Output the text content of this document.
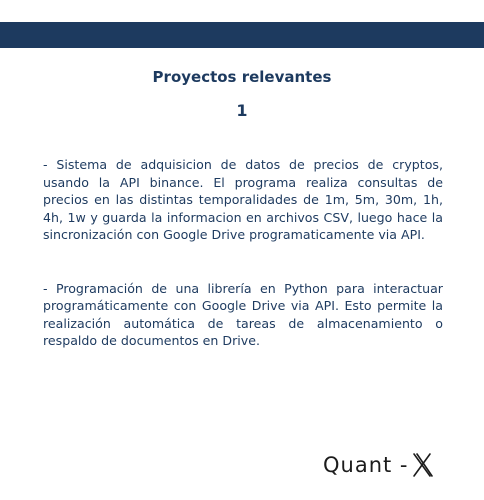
Proyectos relevantes
1

- Sistema de adquisicion de datos de precios de cryptos, usando la API binance. El programa realiza consultas de precios en las distintas temporalidades de 1m, 5m, 30m, 1h, 4h, 1w y guarda la informacion en archivos CSV, luego hace la sincronización con Google Drive programaticamente via API.

- Programación de una librería en Python para interactuar programáticamente con Google Drive via API. Esto permite la realización automática de tareas de almacenamiento o respaldo de documentos en Drive.

Quant -
